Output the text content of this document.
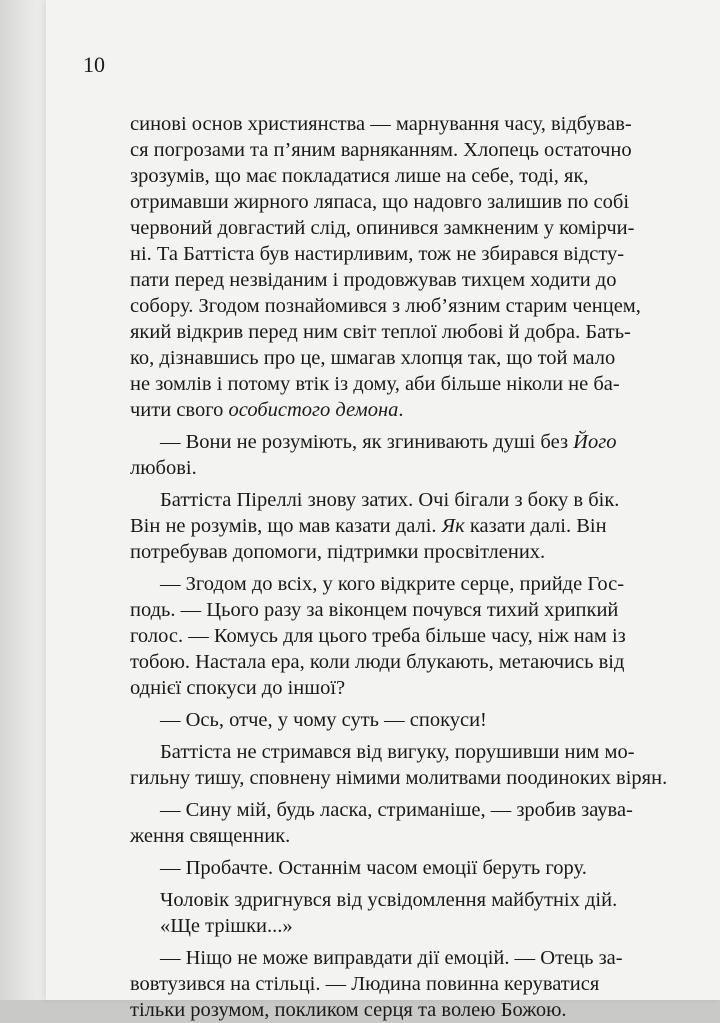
10
синові основ християнства — марнування часу, відбував-
ся погрозами та п’яним варняканням. Хлопець остаточно
зрозумів, що має покладатися лише на себе, тоді, як,
отримавши жирного ляпаса, що надовго залишив по собі
червоний довгастий слід, опинився замкненим у комірчи-
ні. Та Баттіста був настирливим, тож не збирався відсту-
пати перед незвіданим і продовжував тихцем ходити до
собору. Згодом познайомився з люб’язним старим ченцем,
який відкрив перед ним світ теплої любові й добра. Бать-
ко, дізнавшись про це, шмагав хлопця так, що той мало
не зомлів і потому втік із дому, аби більше ніколи не ба-
чити свого особистого демона.
— Вони не розуміють, як згинивають душі без Його
любові.
Баттіста Піреллі знову затих. Очі бігали з боку в бік.
Він не розумів, що мав казати далі. Як казати далі. Він
потребував допомоги, підтримки просвітлених.
— Згодом до всіх, у кого відкрите серце, прийде Гос-
подь. — Цього разу за віконцем почувся тихий хрипкий
голос. — Комусь для цього треба більше часу, ніж нам із
тобою. Настала ера, коли люди блукають, метаючись від
однієї спокуси до іншої?
— Ось, отче, у чому суть — спокуси!
Баттіста не стримався від вигуку, порушивши ним мо-
гильну тишу, сповнену німими молитвами поодиноких вірян.
— Сину мій, будь ласка, стриманіше, — зробив заува-
ження священник.
— Пробачте. Останнім часом емоції беруть гору.
Чоловік здригнувся від усвідомлення майбутніх дій.
«Ще трішки...»
— Ніщо не може виправдати дії емоцій. — Отець за-
вовтузився на стільці. — Людина повинна керуватися
тільки розумом, покликом серця та волею Божою.
